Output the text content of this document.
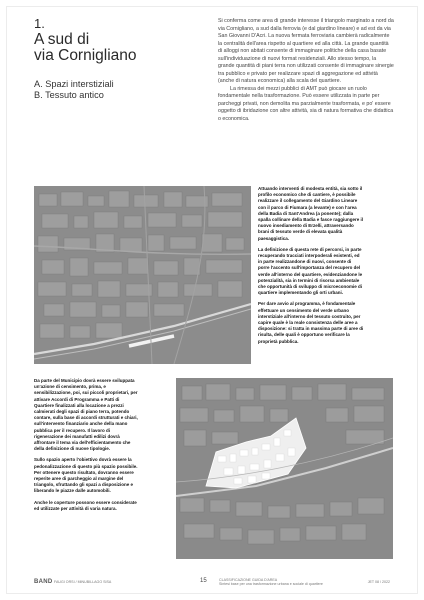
1.
A sud di
via Cornigliano
A. Spazi interstiziali
B. Tessuto antico

Si conferma come area di grande interesse il triangolo marginato a nord da via Cornigliano, a sud dalla ferrovia (e dal giardino lineare) e ad est da via San Giovanni D'Acri. La nuova fermata ferroviaria cambierà radicalmente la centralità dell'area rispetto al quartiere ed alla città. La grande quantità di alloggi non abitati consente di immaginare politiche della casa basate sull'individuazione di nuovi format residenziali. Allo stesso tempo, la grande quantità di piani terra non utilizzati consente di immaginare sinergie tra pubblico e privato per realizzare spazi di aggregazione ed attività (anche di natura economica) alla scala del quartiere.

La rimessa dei mezzi pubblici di AMT può giocare un ruolo fondamentale nella trasformazione. Può essere utilizzata in parte per parcheggi privati, non demolita ma parzialmente trasformata, e po' essere oggetto di ibridazione con altre attività, sia di natura formativa che didattica o economica.

Attuando interventi di modesta entità, sia sotto il profilo economico che di cantiere, è possibile realizzare il collegamento del Giardino Lineare con il parco di Fiumara (a levante) e con l'area della Badia di Sant'Andrea (a ponente); dalla spalla collinare della Badia e fasce raggiungere il nuovo insediamento di Erzelli, attraversando brani di tessuto verde di elevata qualità paesaggistica.

La definizione di questa rete di percorsi, in parte recuperando tracciati interpoderali esistenti, ed in parte realizzandone di nuovi, consente di porre l'accento sull'importanza del recupero del verde all'interno del quartiere, evidenziandone le potenzialità, sia in termini di risorsa ambientale che opportunità di sviluppo di microeconomie di quartiere implementando gli orti urbani.

Per dare avvio al programma, è fondamentale effettuare un censimento del verde urbano interstiziale all'interno del tessuto costruito, per capire quale è la reale consistenza delle aree a disposizione: si tratta in massima parte di aree di risulta, delle quali è opportuno verificare la proprietà pubblica.

Da parte del Municipio dovrà essere sviluppata un'azione di censimento, prima, e sensibilizzazione, poi, sui piccoli proprietari, per attivare Accordi di Programma e Patti di Quartiere finalizzati alla locazione a prezzi calmierati degli spazi di piano terra, potendo contare, sulla base di accordi strutturati e chiari, sull'intervento finanziario anche della mano pubblica per il recupero. Il lavoro di rigenerazione dei manufatti edilizi dovrà affrontare il tema via dell'efficientamento che della definizione di nuove tipologie.

Sullo spazio aperto l'obiettivo dovrà essere la pedonalizzazione di questo più spazio possibile. Per ottenere questo risultato, dovranno essere reperite aree di parcheggio al margine del triangolo, sfruttando gli spazi a disposizione e liberando le piazze dalle automobili.

Anche le coperture possono essere considerate ed utilizzate per attività di varia natura.

BAND FAUGI ORSI / MINUBILLAGO SISA	15	CLASSIFICAZIONE GUIDA D'AREA
Sintesi base per una trasformazione urbana e sociale di quartiere
JET 08 / 2022
